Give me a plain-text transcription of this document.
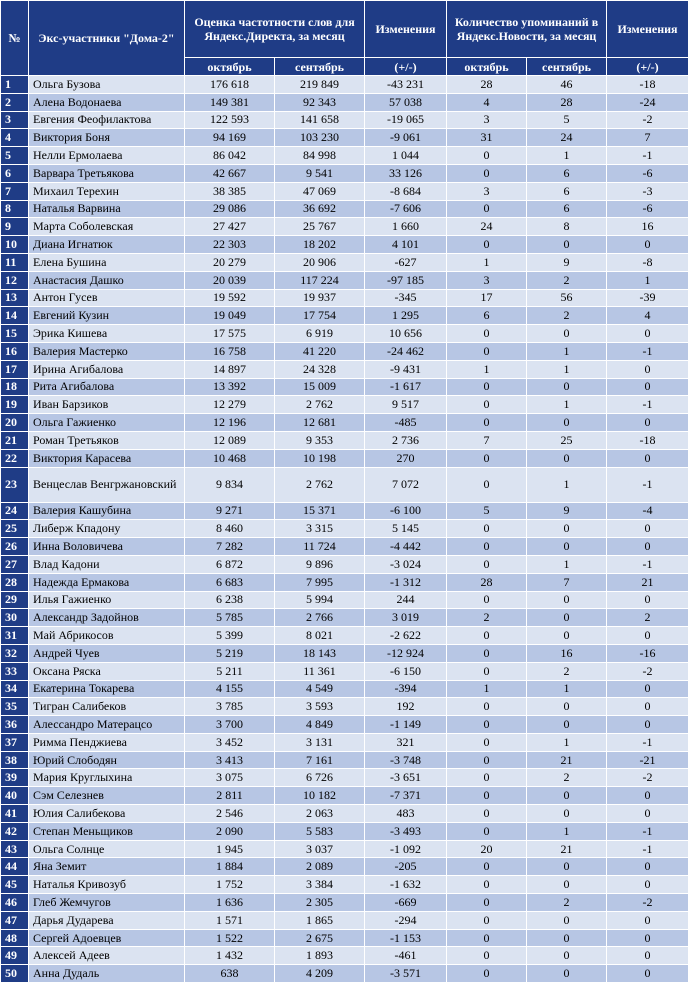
№	Экс-участники "Дома-2"	Оценка частотности слов для Яндекс.Директа, за месяц		Изменения	Количество упоминаний в Яндекс.Новости, за месяц		Изменения
		октябрь	сентябрь	(+/-)	октябрь	сентябрь	(+/-)
1	Ольга Бузова	176 618	219 849	-43 231	28	46	-18
2	Алена Водонаева	149 381	92 343	57 038	4	28	-24
3	Евгения Феофилактова	122 593	141 658	-19 065	3	5	-2
4	Виктория Боня	94 169	103 230	-9 061	31	24	7
5	Нелли Ермолаева	86 042	84 998	1 044	0	1	-1
6	Варвара Третьякова	42 667	9 541	33 126	0	6	-6
7	Михаил Терехин	38 385	47 069	-8 684	3	6	-3
8	Наталья Варвина	29 086	36 692	-7 606	0	6	-6
9	Марта Соболевская	27 427	25 767	1 660	24	8	16
10	Диана Игнатюк	22 303	18 202	4 101	0	0	0
11	Елена Бушина	20 279	20 906	-627	1	9	-8
12	Анастасия Дашко	20 039	117 224	-97 185	3	2	1
13	Антон Гусев	19 592	19 937	-345	17	56	-39
14	Евгений Кузин	19 049	17 754	1 295	6	2	4
15	Эрика Кишева	17 575	6 919	10 656	0	0	0
16	Валерия Мастерко	16 758	41 220	-24 462	0	1	-1
17	Ирина Агибалова	14 897	24 328	-9 431	1	1	0
18	Рита Агибалова	13 392	15 009	-1 617	0	0	0
19	Иван Барзиков	12 279	2 762	9 517	0	1	-1
20	Ольга Гажиенко	12 196	12 681	-485	0	0	0
21	Роман Третьяков	12 089	9 353	2 736	7	25	-18
22	Виктория Карасева	10 468	10 198	270	0	0	0
23	Венцеслав Венгржановский	9 834	2 762	7 072	0	1	-1
24	Валерия Кашубина	9 271	15 371	-6 100	5	9	-4
25	Либерж Кпадону	8 460	3 315	5 145	0	0	0
26	Инна Воловичева	7 282	11 724	-4 442	0	0	0
27	Влад Кадони	6 872	9 896	-3 024	0	1	-1
28	Надежда Ермакова	6 683	7 995	-1 312	28	7	21
29	Илья Гажиенко	6 238	5 994	244	0	0	0
30	Александр Задойнов	5 785	2 766	3 019	2	0	2
31	Май Абрикосов	5 399	8 021	-2 622	0	0	0
32	Андрей Чуев	5 219	18 143	-12 924	0	16	-16
33	Оксана Ряска	5 211	11 361	-6 150	0	2	-2
34	Екатерина Токарева	4 155	4 549	-394	1	1	0
35	Тигран Салибеков	3 785	3 593	192	0	0	0
36	Алессандро Матерацсо	3 700	4 849	-1 149	0	0	0
37	Римма Пенджиева	3 452	3 131	321	0	1	-1
38	Юрий Слободян	3 413	7 161	-3 748	0	21	-21
39	Мария Круглыхина	3 075	6 726	-3 651	0	2	-2
40	Сэм Селезнев	2 811	10 182	-7 371	0	0	0
41	Юлия Салибекова	2 546	2 063	483	0	0	0
42	Степан Меньщиков	2 090	5 583	-3 493	0	1	-1
43	Ольга Солнце	1 945	3 037	-1 092	20	21	-1
44	Яна Земит	1 884	2 089	-205	0	0	0
45	Наталья Кривозуб	1 752	3 384	-1 632	0	0	0
46	Глеб Жемчугов	1 636	2 305	-669	0	2	-2
47	Дарья Дударева	1 571	1 865	-294	0	0	0
48	Сергей Адоевцев	1 522	2 675	-1 153	0	0	0
49	Алексей Адеев	1 432	1 893	-461	0	0	0
50	Анна Дудаль	638	4 209	-3 571	0	0	0
